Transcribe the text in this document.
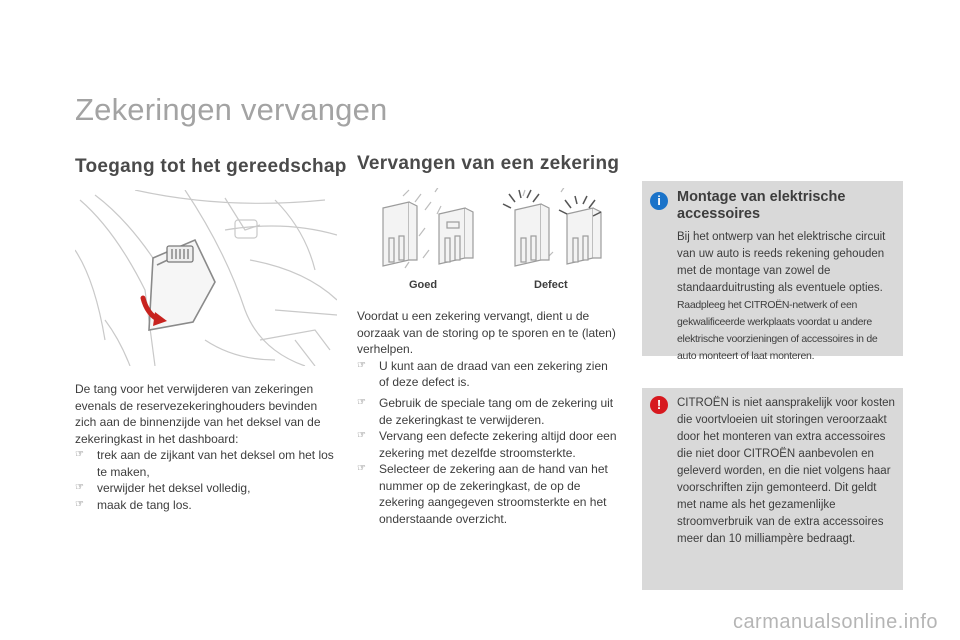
Zekeringen vervangen
Toegang tot het gereedschap

De tang voor het verwijderen van zekeringen evenals de reservezekeringhouders bevinden zich aan de binnenzijde van het deksel van de zekeringkast in het dashboard:

☞ trek aan de zijkant van het deksel om het los te maken,

☞ verwijder het deksel volledig,

☞ maak de tang los.

Vervangen van een zekering
Goed	Defect

Voordat u een zekering vervangt, dient u de oorzaak van de storing op te sporen en te (laten) verhelpen.

☞ U kunt aan de draad van een zekering zien of deze defect is.

☞ Gebruik de speciale tang om de zekering uit de zekeringkast te verwijderen.

☞ Vervang een defecte zekering altijd door een zekering met dezelfde stroomsterkte.

☞ Selecteer de zekering aan de hand van het nummer op de zekeringkast, de op de zekering aangegeven stroomsterkte en het onderstaande overzicht.

i	Montage van elektrische accessoires

Bij het ontwerp van het elektrische circuit van uw auto is reeds rekening gehouden met de montage van zowel de standaarduitrusting als eventuele opties.

Raadpleeg het CITROËN-netwerk of een gekwalificeerde werkplaats voordat u andere elektrische voorzieningen of accessoires in de auto monteert of laat monteren.

!	CITROËN is niet aansprakelijk voor kosten die voortvloeien uit storingen veroorzaakt door het monteren van extra accessoires die niet door CITROËN aanbevolen en geleverd worden, en die niet volgens haar voorschriften zijn gemonteerd. Dit geldt met name als het gezamenlijke stroomverbruik van de extra accessoires meer dan 10 milliampère bedraagt.

carmanualsonline.info
